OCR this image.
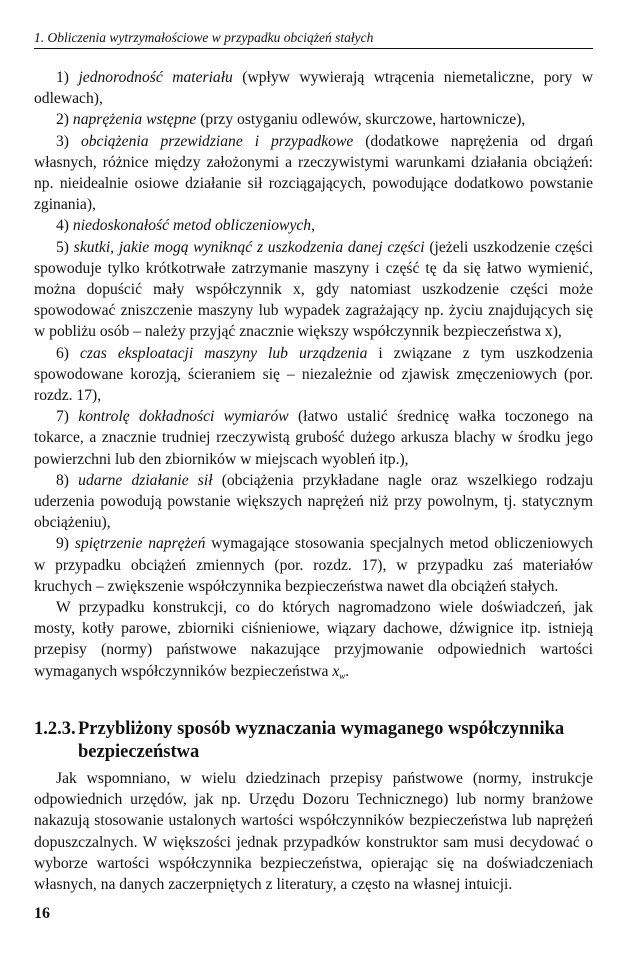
1. Obliczenia wytrzymałościowe w przypadku obciążeń stałych

1) jednorodność materiału (wpływ wywierają wtrącenia niemetaliczne, pory w odlewach),

2) naprężenia wstępne (przy ostyganiu odlewów, skurczowe, hartownicze),

3) obciążenia przewidziane i przypadkowe (dodatkowe naprężenia od drgań własnych, różnice między założonymi a rzeczywistymi warunkami działania obciążeń: np. nieidealnie osiowe działanie sił rozciągających, powodujące dodatkowo powstanie zginania),

4) niedoskonałość metod obliczeniowych,

5) skutki, jakie mogą wyniknąć z uszkodzenia danej części (jeżeli uszkodzenie części spowoduje tylko krótkotrwałe zatrzymanie maszyny i część tę da się łatwo wymienić, można dopuścić mały współczynnik x, gdy natomiast uszkodzenie części może spowodować zniszczenie maszyny lub wypadek zagrażający np. życiu znajdujących się w pobliżu osób – należy przyjąć znacznie większy współczynnik bezpieczeństwa x),

6) czas eksploatacji maszyny lub urządzenia i związane z tym uszkodzenia spowodowane korozją, ścieraniem się – niezależnie od zjawisk zmęczeniowych (por. rozdz. 17),

7) kontrolę dokładności wymiarów (łatwo ustalić średnicę wałka toczonego na tokarce, a znacznie trudniej rzeczywistą grubość dużego arkusza blachy w środku jego powierzchni lub den zbiorników w miejscach wyobleń itp.),

8) udarne działanie sił (obciążenia przykładane nagle oraz wszelkiego rodzaju uderzenia powodują powstanie większych naprężeń niż przy powolnym, tj. statycznym obciążeniu),

9) spiętrzenie naprężeń wymagające stosowania specjalnych metod obliczeniowych w przypadku obciążeń zmiennych (por. rozdz. 17), w przypadku zaś materiałów kruchych – zwiększenie współczynnika bezpieczeństwa nawet dla obciążeń stałych.

W przypadku konstrukcji, co do których nagromadzono wiele doświadczeń, jak mosty, kotły parowe, zbiorniki ciśnieniowe, wiązary dachowe, dźwignice itp. istnieją przepisy (normy) państwowe nakazujące przyjmowanie odpowiednich wartości wymaganych współczynników bezpieczeństwa $x_w$.

1.2.3. Przybliżony sposób wyznaczania wymaganego współczynnika
bezpieczeństwa

Jak wspomniano, w wielu dziedzinach przepisy państwowe (normy, instrukcje odpowiednich urzędów, jak np. Urzędu Dozoru Technicznego) lub normy branżowe nakazują stosowanie ustalonych wartości współczynników bezpieczeństwa lub naprężeń dopuszczalnych. W większości jednak przypadków konstruktor sam musi decydować o wyborze wartości współczynnika bezpieczeństwa, opierając się na doświadczeniach własnych, na danych zaczerpniętych z literatury, a często na własnej intuicji.

16
